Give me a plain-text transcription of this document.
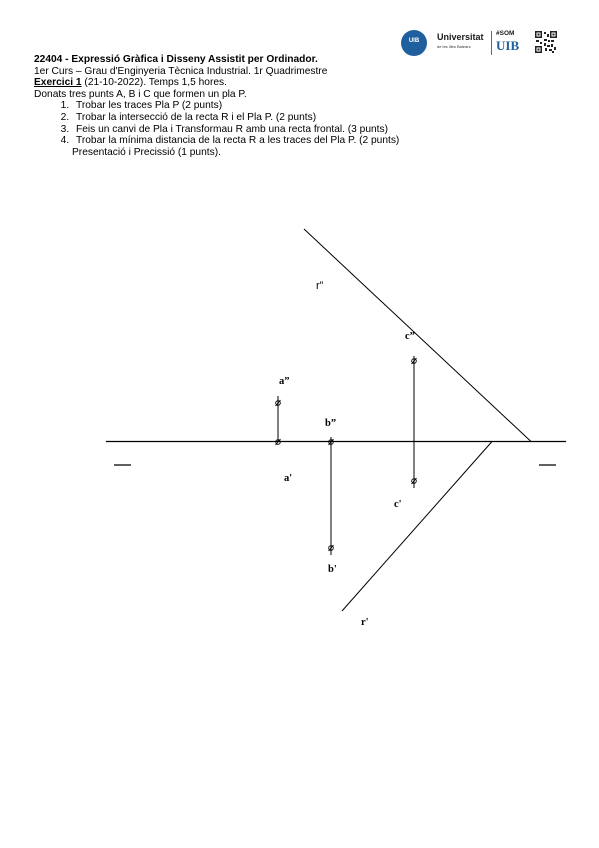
22404 - Expressió Gràfica i Disseny Assistit per Ordinador.
1er Curs – Grau d'Enginyeria Tècnica Industrial. 1r Quadrimestre
Exercici 1 (21-10-2022). Temps 1,5 hores.
Donats tres punts A, B i C que formen un pla P.
1. Trobar les traces Pla P (2 punts)
2. Trobar la intersecció de la recta R i el Pla P. (2 punts)
3. Feis un canvi de Pla i Transformau R amb una recta frontal. (3 punts)
4. Trobar la mínima distancia de la recta R a les traces del Pla P. (2 punts)
Presentació i Precissió (1 punts).
UIB	Universitat
de les Illes Balears
#SOM
UIB
r”
r'
a”
a'
b”
b'
c”
c'
